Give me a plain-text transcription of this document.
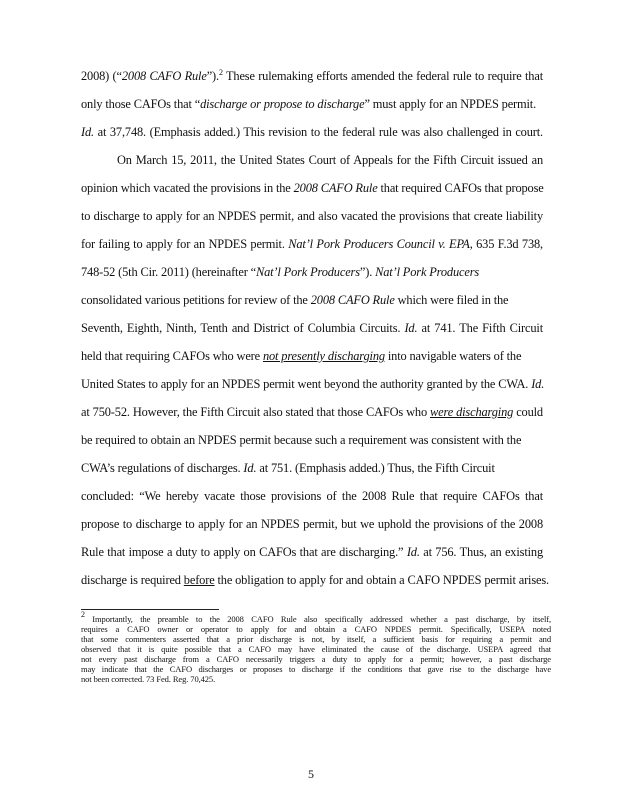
2008) (“2008 CAFO Rule”).$^2$ These rulemaking efforts amended the federal rule to require that
only those CAFOs that “discharge or propose to discharge” must apply for an NPDES permit.
Id. at 37,748. (Emphasis added.) This revision to the federal rule was also challenged in court.
On March 15, 2011, the United States Court of Appeals for the Fifth Circuit issued an
opinion which vacated the provisions in the 2008 CAFO Rule that required CAFOs that propose
to discharge to apply for an NPDES permit, and also vacated the provisions that create liability
for failing to apply for an NPDES permit. Nat’l Pork Producers Council v. EPA, 635 F.3d 738,
748-52 (5th Cir. 2011) (hereinafter “Nat’l Pork Producers”). Nat’l Pork Producers
consolidated various petitions for review of the 2008 CAFO Rule which were filed in the
Seventh, Eighth, Ninth, Tenth and District of Columbia Circuits. Id. at 741. The Fifth Circuit
held that requiring CAFOs who were not presently discharging into navigable waters of the
United States to apply for an NPDES permit went beyond the authority granted by the CWA. Id.
at 750-52. However, the Fifth Circuit also stated that those CAFOs who were discharging could
be required to obtain an NPDES permit because such a requirement was consistent with the
CWA’s regulations of discharges. Id. at 751. (Emphasis added.) Thus, the Fifth Circuit
concluded: “We hereby vacate those provisions of the 2008 Rule that require CAFOs that
propose to discharge to apply for an NPDES permit, but we uphold the provisions of the 2008
Rule that impose a duty to apply on CAFOs that are discharging.” Id. at 756. Thus, an existing
discharge is required before the obligation to apply for and obtain a CAFO NPDES permit arises.
$^2$ Importantly, the preamble to the 2008 CAFO Rule also specifically addressed whether a past discharge, by itself,
requires a CAFO owner or operator to apply for and obtain a CAFO NPDES permit. Specifically, USEPA noted
that some commenters asserted that a prior discharge is not, by itself, a sufficient basis for requiring a permit and
observed that it is quite possible that a CAFO may have eliminated the cause of the discharge. USEPA agreed that
not every past discharge from a CAFO necessarily triggers a duty to apply for a permit; however, a past discharge
may indicate that the CAFO discharges or proposes to discharge if the conditions that gave rise to the discharge have
not been corrected. 73 Fed. Reg. 70,425.
5
